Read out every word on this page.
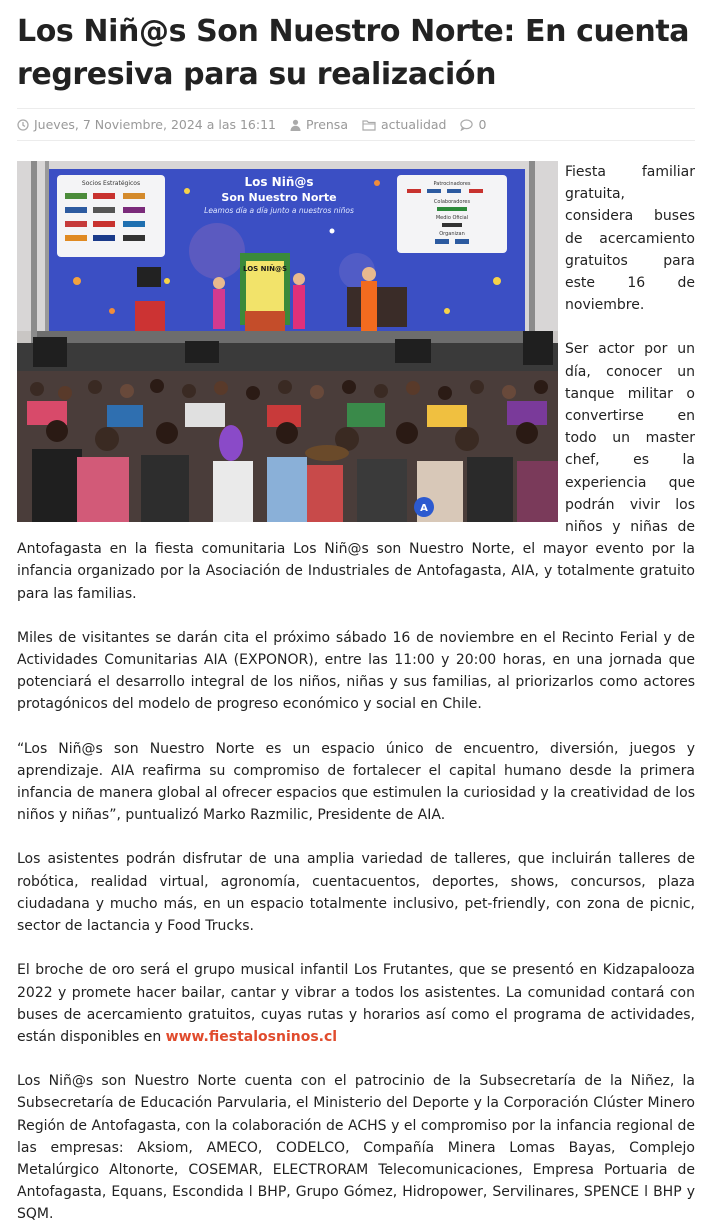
Los Niñ@s Son Nuestro Norte: En cuenta regresiva para su realización
Jueves, 7 Noviembre, 2024 a las 16:11 Prensa	actualidad	0
Socios Estratégicos	Patrocinadores
Colaboradores
Medio Oficial
Organizan
Los Niñ@s
Son Nuestro Norte
Leamos día a día junto a nuestros niños
LOS NIÑ@S
A

Fiesta familiar gratuita, considera buses de acercamiento gratuitos para este 16 de noviembre.

Ser actor por un día, conocer un tanque militar o convertirse en todo un master chef, es la experiencia que podrán vivir los niños y niñas de Antofagasta en la fiesta comunitaria Los Niñ@s son Nuestro Norte, el mayor evento por la infancia organizado por la Asociación de Industriales de Antofagasta, AIA, y totalmente gratuito para las familias.

Miles de visitantes se darán cita el próximo sábado 16 de noviembre en el Recinto Ferial y de Actividades Comunitarias AIA (EXPONOR), entre las 11:00 y 20:00 horas, en una jornada que potenciará el desarrollo integral de los niños, niñas y sus familias, al priorizarlos como actores protagónicos del modelo de progreso económico y social en Chile.

“Los Niñ@s son Nuestro Norte es un espacio único de encuentro, diversión, juegos y aprendizaje. AIA reafirma su compromiso de fortalecer el capital humano desde la primera infancia de manera global al ofrecer espacios que estimulen la curiosidad y la creatividad de los niños y niñas”, puntualizó Marko Razmilic, Presidente de AIA.

Los asistentes podrán disfrutar de una amplia variedad de talleres, que incluirán talleres de robótica, realidad virtual, agronomía, cuentacuentos, deportes, shows, concursos, plaza ciudadana y mucho más, en un espacio totalmente inclusivo, pet-friendly, con zona de picnic, sector de lactancia y Food Trucks.

El broche de oro será el grupo musical infantil Los Frutantes, que se presentó en Kidzapalooza 2022 y promete hacer bailar, cantar y vibrar a todos los asistentes. La comunidad contará con buses de acercamiento gratuitos, cuyas rutas y horarios así como el programa de actividades, están disponibles en www.fiestalosninos.cl

Los Niñ@s son Nuestro Norte cuenta con el patrocinio de la Subsecretaría de la Niñez, la Subsecretaría de Educación Parvularia, el Ministerio del Deporte y la Corporación Clúster Minero Región de Antofagasta, con la colaboración de ACHS y el compromiso por la infancia regional de las empresas: Aksiom, AMECO, CODELCO, Compañía Minera Lomas Bayas, Complejo Metalúrgico Altonorte, COSEMAR, ELECTRORAM Telecomunicaciones, Empresa Portuaria de Antofagasta, Equans, Escondida l BHP, Grupo Gómez, Hidropower, Servilinares, SPENCE l BHP y SQM.
